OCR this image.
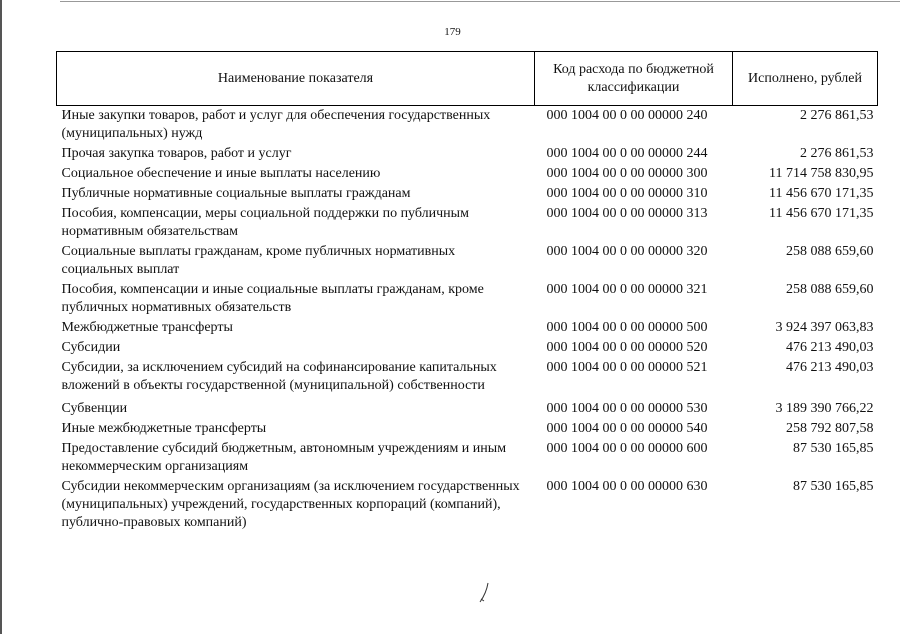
179
Наименование показателя	Код расхода по бюджетной классификации	Исполнено, рублей
Иные закупки товаров, работ и услуг для обеспечения государственных (муниципальных) нужд	000 1004 00 0 00 00000 240	2 276 861,53
Прочая закупка товаров, работ и услуг	000 1004 00 0 00 00000 244	2 276 861,53
Социальное обеспечение и иные выплаты населению	000 1004 00 0 00 00000 300	11 714 758 830,95
Публичные нормативные социальные выплаты гражданам	000 1004 00 0 00 00000 310	11 456 670 171,35
Пособия, компенсации, меры социальной поддержки по публичным нормативным обязательствам	000 1004 00 0 00 00000 313	11 456 670 171,35
Социальные выплаты гражданам, кроме публичных нормативных социальных выплат	000 1004 00 0 00 00000 320	258 088 659,60
Пособия, компенсации и иные социальные выплаты гражданам, кроме публичных нормативных обязательств	000 1004 00 0 00 00000 321	258 088 659,60
Межбюджетные трансферты	000 1004 00 0 00 00000 500	3 924 397 063,83
Субсидии	000 1004 00 0 00 00000 520	476 213 490,03
Субсидии, за исключением субсидий на софинансирование капитальных вложений в объекты государственной (муниципальной) собственности	000 1004 00 0 00 00000 521	476 213 490,03
Субвенции	000 1004 00 0 00 00000 530	3 189 390 766,22
Иные межбюджетные трансферты	000 1004 00 0 00 00000 540	258 792 807,58
Предоставление субсидий бюджетным, автономным учреждениям и иным некоммерческим организациям	000 1004 00 0 00 00000 600	87 530 165,85
Субсидии некоммерческим организациям (за исключением государственных (муниципальных) учреждений, государственных корпораций (компаний), публично-правовых компаний)	000 1004 00 0 00 00000 630	87 530 165,85
